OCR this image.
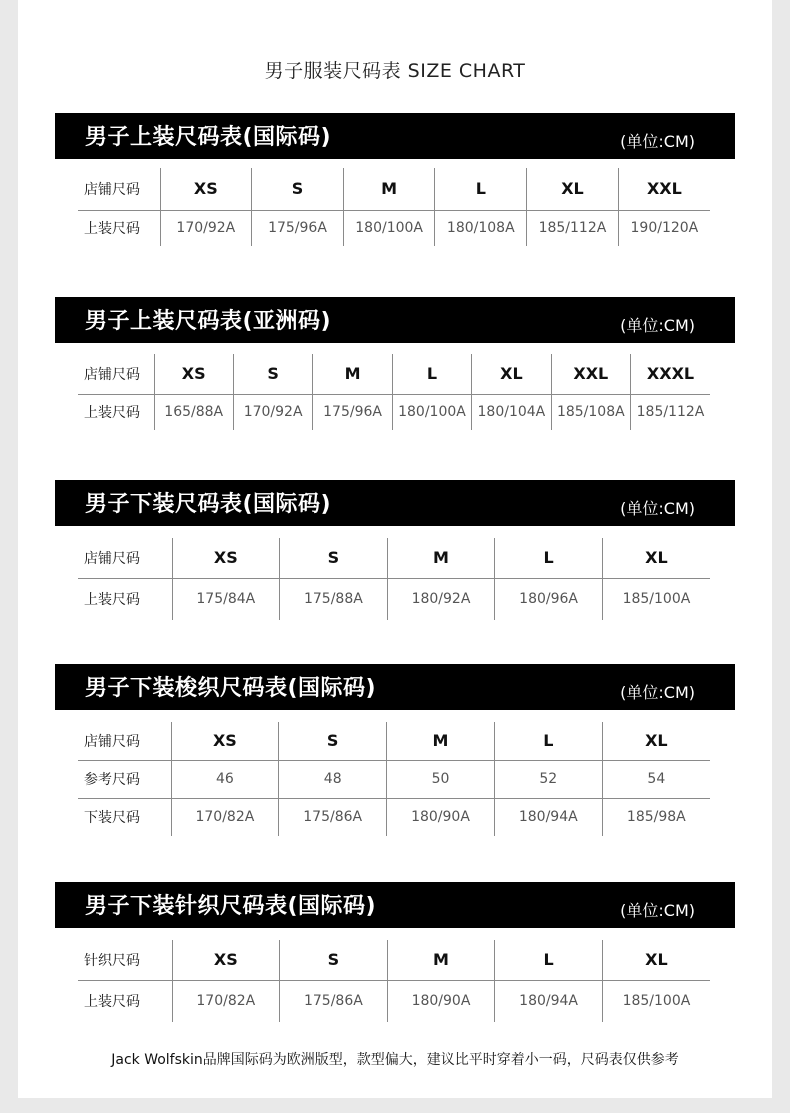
男子服装尺码表 SIZE CHART
男子上装尺码表(国际码)	(单位:CM)
店铺尺码	XS	S	M	L	XL	XXL
上装尺码	170/92A	175/96A	180/100A	180/108A	185/112A	190/120A
男子上装尺码表(亚洲码)	(单位:CM)
店铺尺码	XS	S	M	L	XL	XXL	XXXL
上装尺码	165/88A	170/92A	175/96A	180/100A	180/104A	185/108A	185/112A
男子下装尺码表(国际码)	(单位:CM)
店铺尺码	XS	S	M	L	XL
上装尺码	175/84A	175/88A	180/92A	180/96A	185/100A
男子下装梭织尺码表(国际码)	(单位:CM)
店铺尺码	XS	S	M	L	XL
参考尺码	46	48	50	52	54
下装尺码	170/82A	175/86A	180/90A	180/94A	185/98A
男子下装针织尺码表(国际码)	(单位:CM)
针织尺码	XS	S	M	L	XL
上装尺码	170/82A	175/86A	180/90A	180/94A	185/100A
Jack Wolfskin品牌国际码为欧洲版型，款型偏大，建议比平时穿着小一码，尺码表仅供参考
